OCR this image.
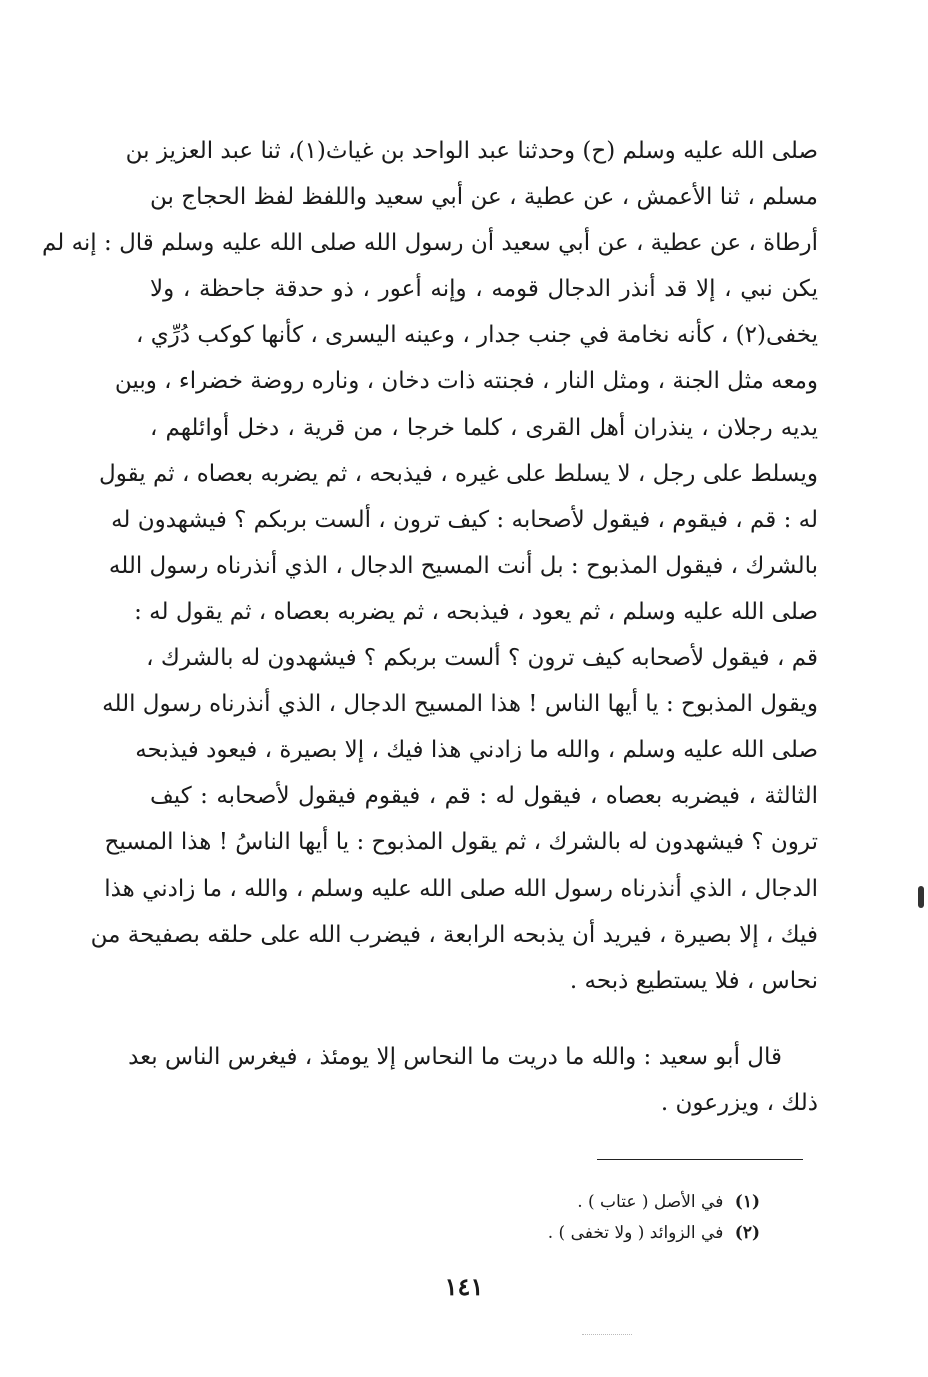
صلى الله عليه وسلم (ح) وحدثنا عبد الواحد بن غياث(١)، ثنا عبد العزيز بن
مسلم ، ثنا الأعمش ، عن عطية ، عن أبي سعيد واللفظ لفظ الحجاج بن
أرطاة ، عن عطية ، عن أبي سعيد أن رسول الله صلى الله عليه وسلم قال : إنه لم
يكن نبي ، إلا قد أنذر الدجال قومه ، وإنه أعور ، ذو حدقة جاحظة ، ولا
يخفى(٢) ، كأنه نخامة في جنب جدار ، وعينه اليسرى ، كأنها كوكب دُرِّي ،
ومعه مثل الجنة ، ومثل النار ، فجنته ذات دخان ، وناره روضة خضراء ، وبين
يديه رجلان ، ينذران أهل القرى ، كلما خرجا ، من قرية ، دخل أوائلهم ،
ويسلط على رجل ، لا يسلط على غيره ، فيذبحه ، ثم يضربه بعصاه ، ثم يقول
له : قم ، فيقوم ، فيقول لأصحابه : كيف ترون ، ألست بربكم ؟ فيشهدون له
بالشرك ، فيقول المذبوح : بل أنت المسيح الدجال ، الذي أنذرناه رسول الله
صلى الله عليه وسلم ، ثم يعود ، فيذبحه ، ثم يضربه بعصاه ، ثم يقول له :
قم ، فيقول لأصحابه كيف ترون ؟ ألست بربكم ؟ فيشهدون له بالشرك ،
ويقول المذبوح : يا أيها الناس ! هذا المسيح الدجال ، الذي أنذرناه رسول الله
صلى الله عليه وسلم ، والله ما زادني هذا فيك ، إلا بصيرة ، فيعود فيذبحه
الثالثة ، فيضربه بعصاه ، فيقول له : قم ، فيقوم فيقول لأصحابه : كيف
ترون ؟ فيشهدون له بالشرك ، ثم يقول المذبوح : يا أيها الناسُ ! هذا المسيح
الدجال ، الذي أنذرناه رسول الله صلى الله عليه وسلم ، والله ، ما زادني هذا
فيك ، إلا بصيرة ، فيريد أن يذبحه الرابعة ، فيضرب الله على حلقه بصفيحة من
نحاس ، فلا يستطيع ذبحه .
قال أبو سعيد : والله ما دريت ما النحاس إلا يومئذ ، فيغرس الناس بعد
ذلك ، ويزرعون .
(١) في الأصل ( عتاب ) .
(٢) في الزوائد ( ولا تخفى ) .
١٤١
